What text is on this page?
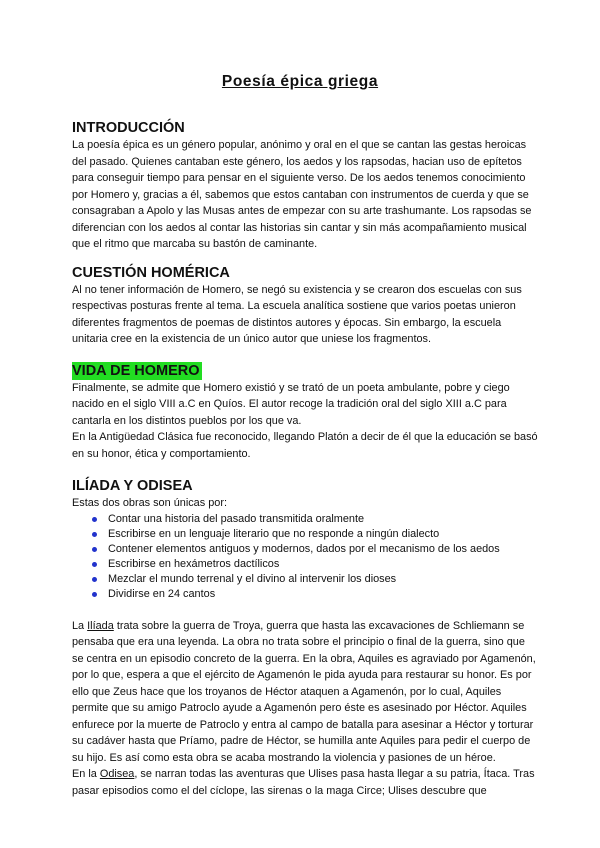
Poesía épica griega
INTRODUCCIÓN

La poesía épica es un género popular, anónimo y oral en el que se cantan las gestas heroicas del pasado. Quienes cantaban este género, los aedos y los rapsodas, hacian uso de epítetos para conseguir tiempo para pensar en el siguiente verso. De los aedos tenemos conocimiento por Homero y, gracias a él, sabemos que estos cantaban con instrumentos de cuerda y que se consagraban a Apolo y las Musas antes de empezar con su arte trashumante. Los rapsodas se diferencian con los aedos al contar las historias sin cantar y sin más acompañamiento musical que el ritmo que marcaba su bastón de caminante.

CUESTIÓN HOMÉRICA

Al no tener información de Homero, se negó su existencia y se crearon dos escuelas con sus respectivas posturas frente al tema. La escuela analítica sostiene que varios poetas unieron diferentes fragmentos de poemas de distintos autores y épocas. Sin embargo, la escuela unitaria cree en la existencia de un único autor que uniese los fragmentos.

VIDA DE HOMERO

Finalmente, se admite que Homero existió y se trató de un poeta ambulante, pobre y ciego nacido en el siglo VIII a.C en Quíos. El autor recoge la tradición oral del siglo XIII a.C para cantarla en los distintos pueblos por los que va.

En la Antigüedad Clásica fue reconocido, llegando Platón a decir de él que la educación se basó en su honor, ética y comportamiento.

ILÍADA Y ODISEA

Estas dos obras son únicas por:

Contar una historia del pasado transmitida oralmente
Escribirse en un lenguaje literario que no responde a ningún dialecto
Contener elementos antiguos y modernos, dados por el mecanismo de los aedos
Escribirse en hexámetros dactílicos
Mezclar el mundo terrenal y el divino al intervenir los dioses
Dividirse en 24 cantos

La Ilíada trata sobre la guerra de Troya, guerra que hasta las excavaciones de Schliemann se pensaba que era una leyenda. La obra no trata sobre el principio o final de la guerra, sino que se centra en un episodio concreto de la guerra. En la obra, Aquiles es agraviado por Agamenón, por lo que, espera a que el ejército de Agamenón le pida ayuda para restaurar su honor. Es por ello que Zeus hace que los troyanos de Héctor ataquen a Agamenón, por lo cual, Aquiles permite que su amigo Patroclo ayude a Agamenón pero éste es asesinado por Héctor. Aquiles enfurece por la muerte de Patroclo y entra al campo de batalla para asesinar a Héctor y torturar su cadáver hasta que Príamo, padre de Héctor, se humilla ante Aquiles para pedir el cuerpo de su hijo. Es así como esta obra se acaba mostrando la violencia y pasiones de un héroe.

En la Odisea, se narran todas las aventuras que Ulises pasa hasta llegar a su patria, Ítaca. Tras pasar episodios como el del cíclope, las sirenas o la maga Circe; Ulises descubre que
